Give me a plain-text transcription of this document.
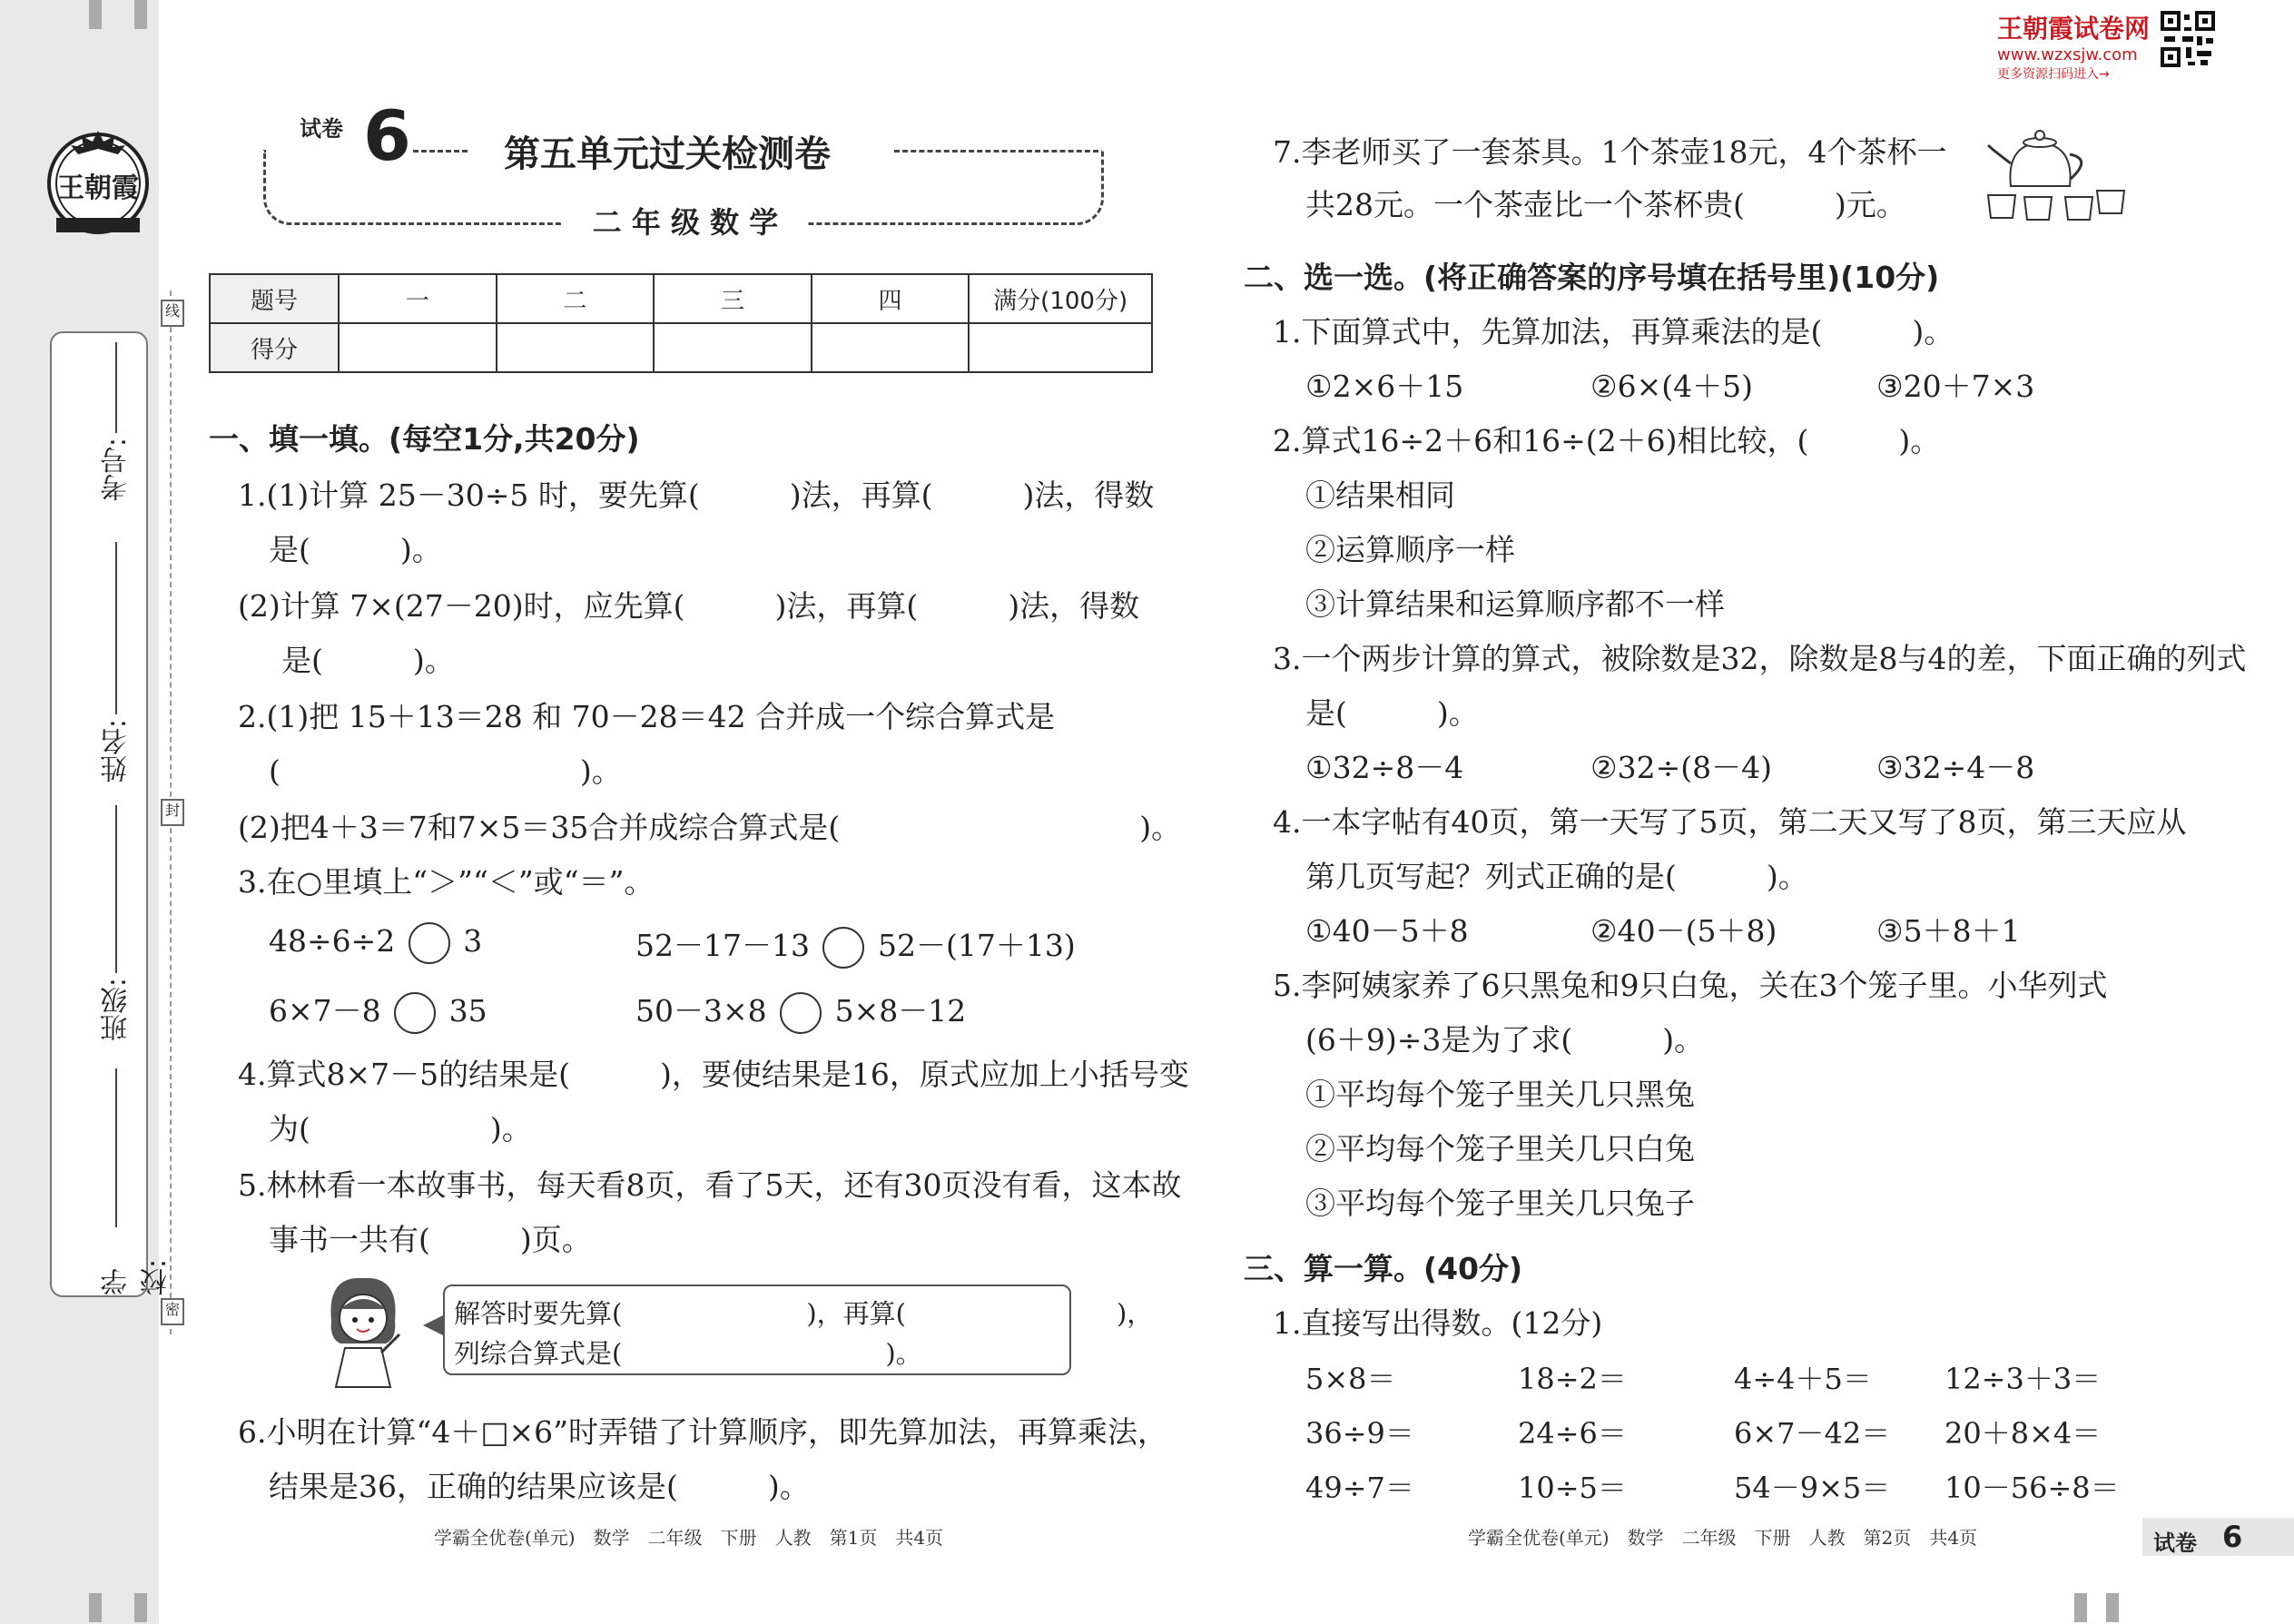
王朝霞
考号:
姓名:
班级:
学校:
线
封
密
王朝霞试卷网
www.wzxsjw.com
更多资源扫码进入→
试卷 6	第五单元过关检测卷
二 年 级 数 学
题号	一	二	三	四	满分(100分)
得分					
一、填一填。(每空1分,共20分)
1.(1)计算 25－30÷5 时，要先算(　　　)法，再算(　　　)法，得数
是(　　　)。
(2)计算 7×(27－20)时，应先算(　　　)法，再算(　　　)法，得数
是(　　　)。
2.(1)把 15＋13＝28 和 70－28＝42 合并成一个综合算式是
(　　　　　　　　　　)。
(2)把4＋3＝7和7×5＝35合并成综合算式是(　　　　　　　　　　)。
3.在○里填上“＞”“＜”或“＝”。
48÷6÷2 3	52－17－13 52－(17＋13)
6×7－8 35	50－3×8 5×8－12
4.算式8×7－5的结果是(　　　)，要使结果是16，原式应加上小括号变
为(　　　　　　)。
5.林林看一本故事书，每天看8页，看了5天，还有30页没有看，这本故
事书一共有(　　　)页。
解答时要先算(　　　　　　　)，再算(　　　　　　　　)，
列综合算式是(　　　　　　　　　　)。
6.小明在计算“4＋□×6”时弄错了计算顺序，即先算加法，再算乘法，
结果是36，正确的结果应该是(　　　)。
学霸全优卷(单元)　数学　二年级　下册　人教　第1页　共4页
7.李老师买了一套茶具。1个茶壶18元，4个茶杯一
共28元。一个茶壶比一个茶杯贵(　　　)元。
二、选一选。(将正确答案的序号填在括号里)(10分)
1.下面算式中，先算加法，再算乘法的是(　　　)。
①2×6＋15	②6×(4＋5)	③20＋7×3
2.算式16÷2＋6和16÷(2＋6)相比较，(　　　)。
①结果相同
②运算顺序一样
③计算结果和运算顺序都不一样
3.一个两步计算的算式，被除数是32，除数是8与4的差，下面正确的列式
是(　　　)。
①32÷8－4	②32÷(8－4)	③32÷4－8
4.一本字帖有40页，第一天写了5页，第二天又写了8页，第三天应从
第几页写起？列式正确的是(　　　)。
①40－5＋8	②40－(5＋8)	③5＋8＋1
5.李阿姨家养了6只黑兔和9只白兔，关在3个笼子里。小华列式
(6＋9)÷3是为了求(　　　)。
①平均每个笼子里关几只黑兔
②平均每个笼子里关几只白兔
③平均每个笼子里关几只兔子
三、算一算。(40分)
1.直接写出得数。(12分)
5×8＝	18÷2＝	4÷4＋5＝	12÷3＋3＝
36÷9＝	24÷6＝	6×7－42＝ 20＋8×4＝
49÷7＝	10÷5＝	54－9×5＝ 10－56÷8＝
学霸全优卷(单元)　数学　二年级　下册　人教　第2页　共4页	试卷 6
